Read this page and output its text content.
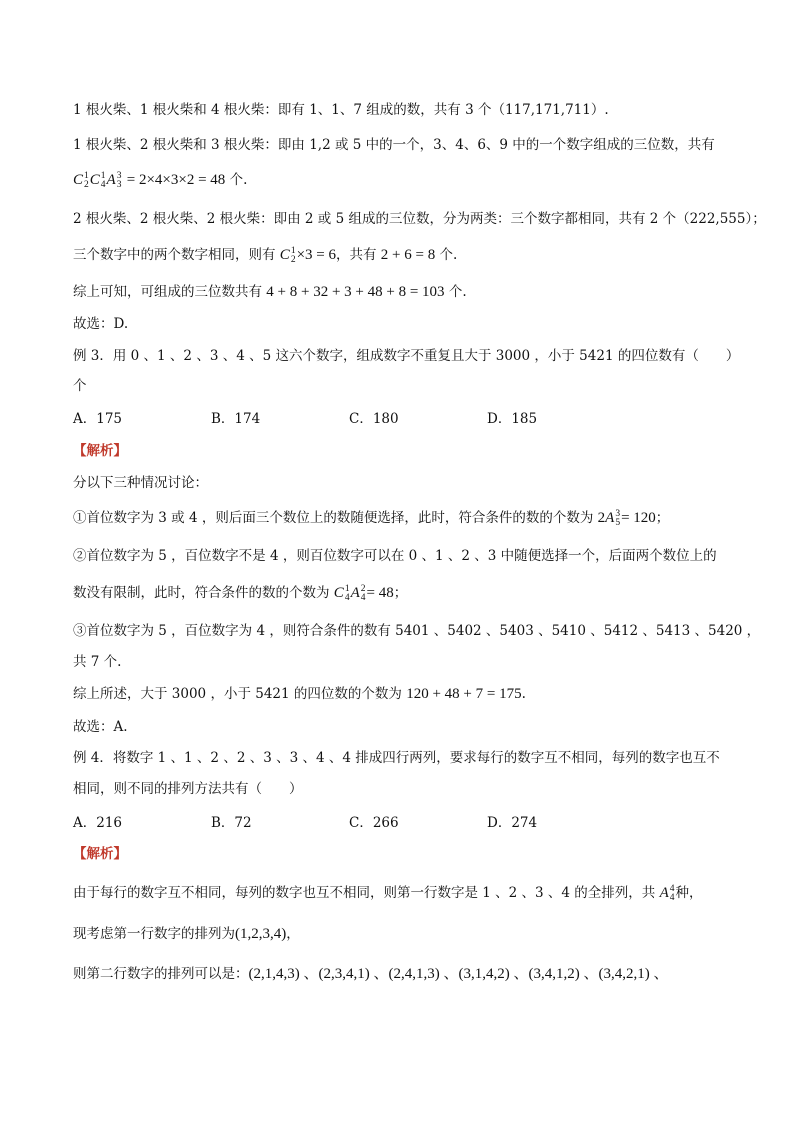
1 根火柴、1 根火柴和 4 根火柴：即有 1、1、7 组成的数，共有 3 个（117,171,711）.
1 根火柴、2 根火柴和 3 根火柴：即由 1,2 或 5 中的一个，3、4、6、9 中的一个数字组成的三位数，共有
C 1
2 C 1
4 A 3
3 = 2×4×3×2 = 48 个.
2 根火柴、2 根火柴、2 根火柴：即由 2 或 5 组成的三位数，分为两类：三个数字都相同，共有 2 个（222,555）；
三个数字中的两个数字相同，则有 C 1
2 ×3 = 6，共有 2 + 6 = 8 个.
综上可知，可组成的三位数共有 4 + 8 + 32 + 3 + 48 + 8 = 103 个.
故选：D.
例 3．用 0 、1 、2 、3 、4 、5 这六个数字，组成数字不重复且大于 3000 ，小于 5421 的四位数有（　　）
个
A．175	B．174	C．180	D．185
【解析】
分以下三种情况讨论：
①首位数字为 3 或 4 ，则后面三个数位上的数随便选择，此时，符合条件的数的个数为 2A 3
5 = 120；
②首位数字为 5 ，百位数字不是 4 ，则百位数字可以在 0 、1 、2 、3 中随便选择一个，后面两个数位上的
数没有限制，此时，符合条件的数的个数为 C 1
4 A 2
4 = 48；
③首位数字为 5 ，百位数字为 4 ，则符合条件的数有 5401 、5402 、5403 、5410 、5412 、5413 、5420 ，
共 7 个.
综上所述，大于 3000 ，小于 5421 的四位数的个数为 120 + 48 + 7 = 175.
故选：A.
例 4．将数字 1 、1 、2 、2 、3 、3 、4 、4 排成四行两列，要求每行的数字互不相同，每列的数字也互不
相同，则不同的排列方法共有（　　）
A．216	B．72	C．266	D．274
【解析】
由于每行的数字互不相同，每列的数字也互不相同，则第一行数字是 1 、2 、3 、4 的全排列，共 A 4
4 种，
现考虑第一行数字的排列为(1,2,3,4)，
则第二行数字的排列可以是：(2,1,4,3) 、(2,3,4,1) 、(2,4,1,3) 、(3,1,4,2) 、(3,4,1,2) 、(3,4,2,1) 、
